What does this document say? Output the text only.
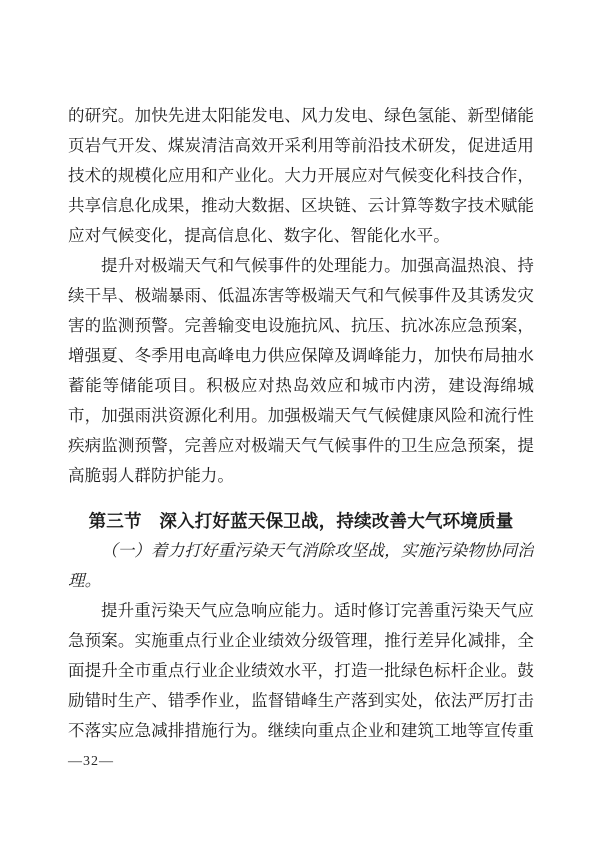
的研究。加快先进太阳能发电、风力发电、绿色氢能、新型储能
页岩气开发、煤炭清洁高效开采利用等前沿技术研发，促进适用
技术的规模化应用和产业化。大力开展应对气候变化科技合作，
共享信息化成果，推动大数据、区块链、云计算等数字技术赋能
应对气候变化，提高信息化、数字化、智能化水平。
提升对极端天气和气候事件的处理能力。加强高温热浪、持
续干旱、极端暴雨、低温冻害等极端天气和气候事件及其诱发灾
害的监测预警。完善输变电设施抗风、抗压、抗冰冻应急预案，
增强夏、冬季用电高峰电力供应保障及调峰能力，加快布局抽水
蓄能等储能项目。积极应对热岛效应和城市内涝，建设海绵城
市，加强雨洪资源化利用。加强极端天气气候健康风险和流行性
疾病监测预警，完善应对极端天气气候事件的卫生应急预案，提
高脆弱人群防护能力。
第三节　深入打好蓝天保卫战，持续改善大气环境质量
（一）着力打好重污染天气消除攻坚战，实施污染物协同治
理。
提升重污染天气应急响应能力。适时修订完善重污染天气应
急预案。实施重点行业企业绩效分级管理，推行差异化减排，全
面提升全市重点行业企业绩效水平，打造一批绿色标杆企业。鼓
励错时生产、错季作业，监督错峰生产落到实处，依法严厉打击
不落实应急减排措施行为。继续向重点企业和建筑工地等宣传重
—32—
